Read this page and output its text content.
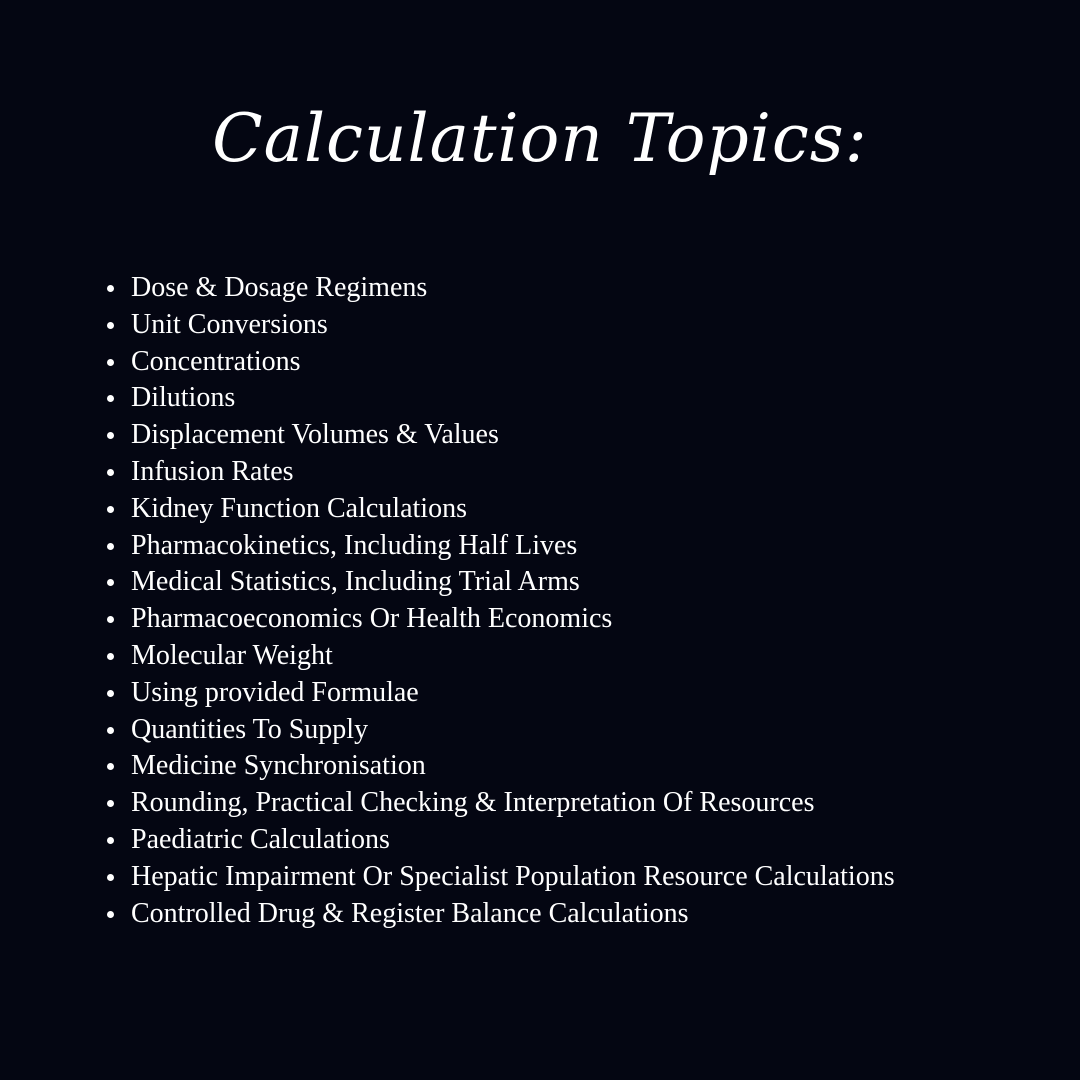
Calculation Topics:
Dose & Dosage Regimens
Unit Conversions
Concentrations
Dilutions
Displacement Volumes & Values
Infusion Rates
Kidney Function Calculations
Pharmacokinetics, Including Half Lives
Medical Statistics, Including Trial Arms
Pharmacoeconomics Or Health Economics
Molecular Weight
Using provided Formulae
Quantities To Supply
Medicine Synchronisation
Rounding, Practical Checking & Interpretation Of Resources
Paediatric Calculations
Hepatic Impairment Or Specialist Population Resource Calculations
Controlled Drug & Register Balance Calculations
